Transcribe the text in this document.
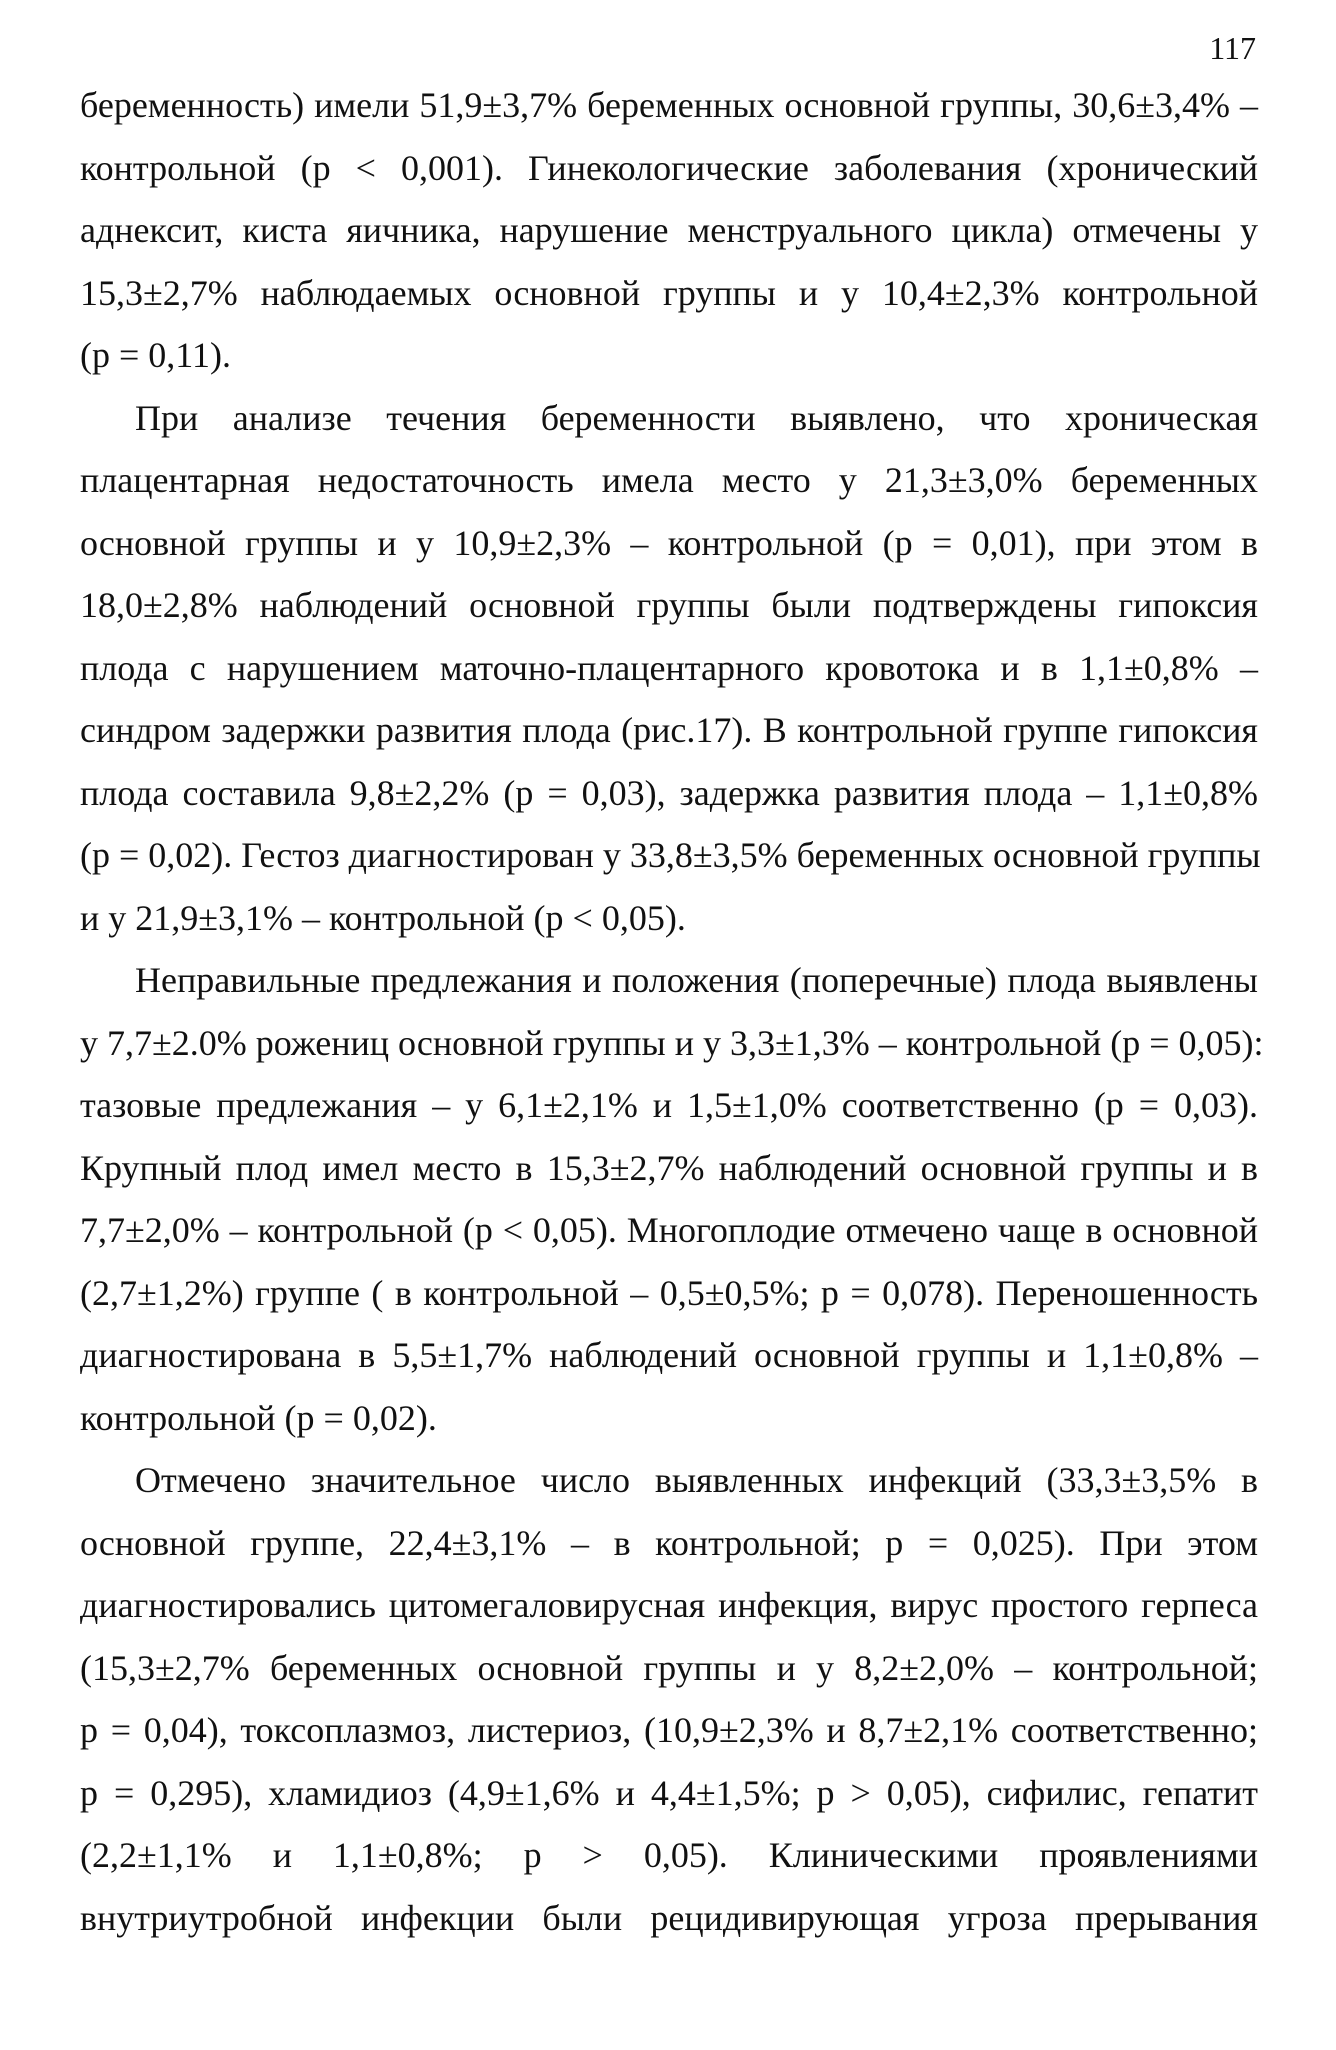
117

беременность) имели 51,9±3,7% беременных основной группы, 30,6±3,4% –
контрольной (р < 0,001). Гинекологические заболевания (хронический
аднексит, киста яичника, нарушение менструального цикла) отмечены у
15,3±2,7% наблюдаемых основной группы и у 10,4±2,3% контрольной
(р = 0,11).

При анализе течения беременности выявлено, что хроническая
плацентарная недостаточность имела место у 21,3±3,0% беременных
основной группы и у 10,9±2,3% – контрольной (р = 0,01), при этом в
18,0±2,8% наблюдений основной группы были подтверждены гипоксия
плода с нарушением маточно-плацентарного кровотока и в 1,1±0,8% –
синдром задержки развития плода (рис.17). В контрольной группе гипоксия
плода составила 9,8±2,2% (р = 0,03), задержка развития плода – 1,1±0,8%
(р = 0,02). Гестоз диагностирован у 33,8±3,5% беременных основной группы
и у 21,9±3,1% – контрольной (р < 0,05).

Неправильные предлежания и положения (поперечные) плода выявлены
у 7,7±2.0% рожениц основной группы и у 3,3±1,3% – контрольной (р = 0,05):
тазовые предлежания – у 6,1±2,1% и 1,5±1,0% соответственно (р = 0,03).
Крупный плод имел место в 15,3±2,7% наблюдений основной группы и в
7,7±2,0% – контрольной (р < 0,05). Многоплодие отмечено чаще в основной
(2,7±1,2%) группе ( в контрольной – 0,5±0,5%; р = 0,078). Переношенность
диагностирована в 5,5±1,7% наблюдений основной группы и 1,1±0,8% –
контрольной (р = 0,02).

Отмечено значительное число выявленных инфекций (33,3±3,5% в
основной группе, 22,4±3,1% – в контрольной; р = 0,025). При этом
диагностировались цитомегаловирусная инфекция, вирус простого герпеса
(15,3±2,7% беременных основной группы и у 8,2±2,0% – контрольной;
р = 0,04), токсоплазмоз, листериоз, (10,9±2,3% и 8,7±2,1% соответственно;
р = 0,295), хламидиоз (4,9±1,6% и 4,4±1,5%; р > 0,05), сифилис, гепатит
(2,2±1,1% и 1,1±0,8%; р > 0,05). Клиническими проявлениями
внутриутробной инфекции были рецидивирующая угроза прерывания
